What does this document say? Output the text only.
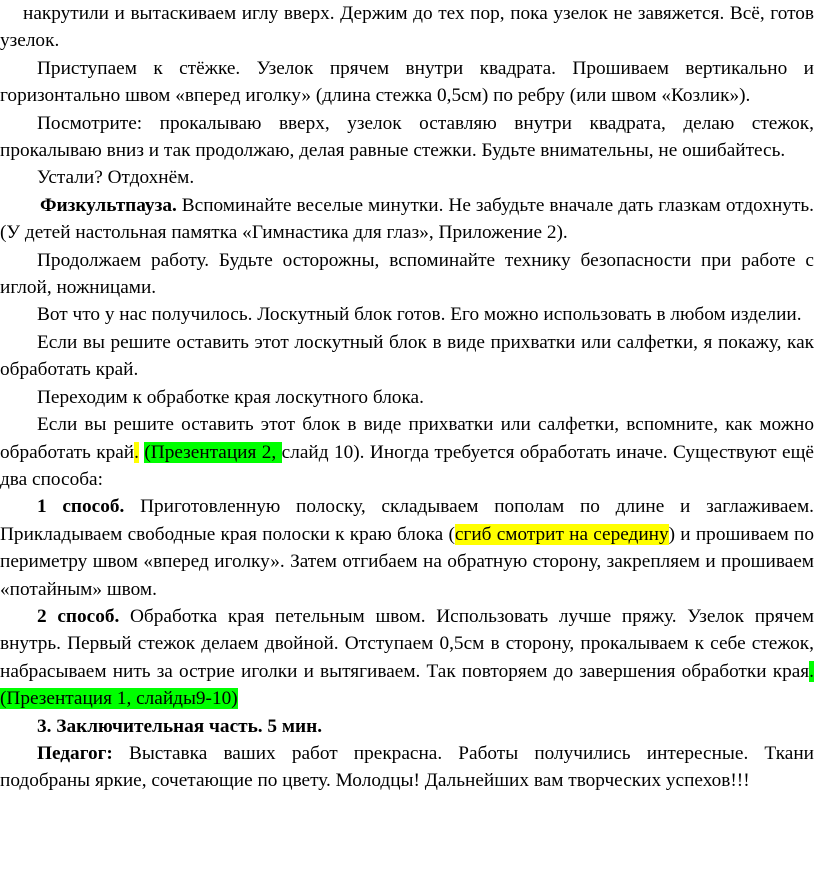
накрутили и вытаскиваем иглу вверх. Держим до тех пор, пока узелок не завяжется. Всё, готов узелок.

Приступаем к стёжке. Узелок прячем внутри квадрата. Прошиваем вертикально и горизонтально швом «вперед иголку» (длина стежка 0,5см) по ребру (или швом «Козлик»).

Посмотрите: прокалываю вверх, узелок оставляю внутри квадрата, делаю стежок, прокалываю вниз и так продолжаю, делая равные стежки. Будьте внимательны, не ошибайтесь.

Устали? Отдохнём.

Физкультпауза. Вспоминайте веселые минутки. Не забудьте вначале дать глазкам отдохнуть. (У детей настольная памятка «Гимнастика для глаз», Приложение 2).

Продолжаем работу. Будьте осторожны, вспоминайте технику безопасности при работе с иглой, ножницами.

Вот что у нас получилось. Лоскутный блок готов. Его можно использовать в любом изделии.

Если вы решите оставить этот лоскутный блок в виде прихватки или салфетки, я покажу, как обработать край.

Переходим к обработке края лоскутного блока.

Если вы решите оставить этот блок в виде прихватки или салфетки, вспомните, как можно обработать край. (Презентация 2, слайд 10). Иногда требуется обработать иначе. Существуют ещё два способа:

1 способ. Приготовленную полоску, складываем пополам по длине и заглаживаем. Прикладываем свободные края полоски к краю блока (сгиб смотрит на середину) и прошиваем по периметру швом «вперед иголку». Затем отгибаем на обратную сторону, закрепляем и прошиваем «потайным» швом.

2 способ. Обработка края петельным швом. Использовать лучше пряжу. Узелок прячем внутрь. Первый стежок делаем двойной. Отступаем 0,5см в сторону, прокалываем к себе стежок, набрасываем нить за острие иголки и вытягиваем. Так повторяем до завершения обработки края. (Презентация 1, слайды9-10)

3. Заключительная часть. 5 мин.

Педагог: Выставка ваших работ прекрасна. Работы получились интересные. Ткани подобраны яркие, сочетающие по цвету. Молодцы! Дальнейших вам творческих успехов!!!
